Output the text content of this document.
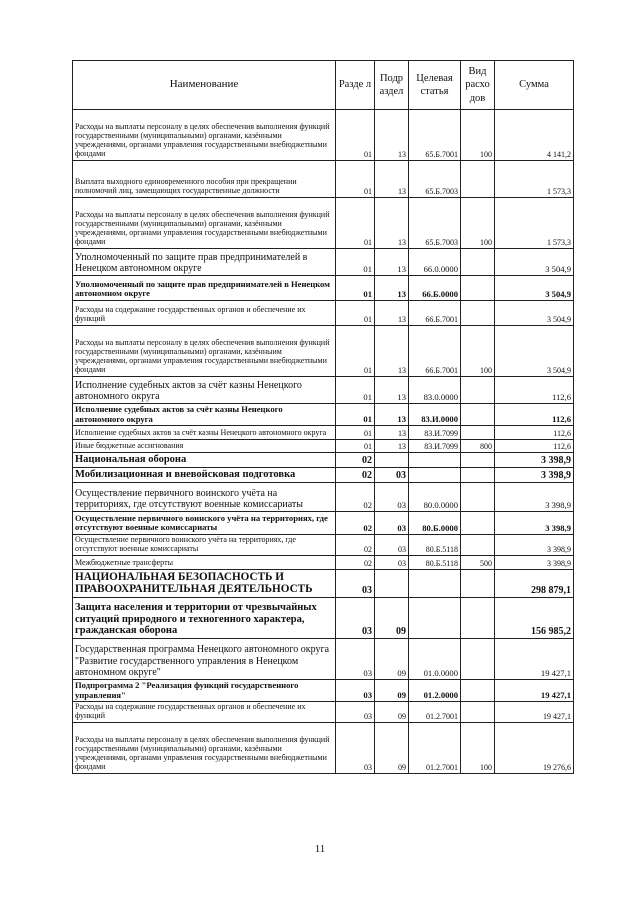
Наименование	Разде л	Подр аздел	Целевая статья	Вид расхо дов	Сумма
Расходы на выплаты персоналу в целях обеспечения выполнения функций государственными (муниципальными) органами, казёнными учреждениями, органами управления государственными внебюджетными фондами	01	13	65.Б.7001	100	4 141,2
Выплата выходного единовременного пособия при прекращении полномочий лиц, замещающих государственные должности	01	13	65.Б.7003		1 573,3
Расходы на выплаты персоналу в целях обеспечения выполнения функций государственными (муниципальными) органами, казёнными учреждениями, органами управления государственными внебюджетными фондами	01	13	65.Б.7003	100	1 573,3
Уполномоченный по защите прав предпринимателей в Ненецком автономном округе	01	13	66.0.0000		3 504,9
Уполномоченный по защите прав предпринимателей в Ненецком автономном округе	01	13	66.Б.0000		3 504,9
Расходы на содержание государственных органов и обеспечение их функций	01	13	66.Б.7001		3 504,9
Расходы на выплаты персоналу в целях обеспечения выполнения функций государственными (муниципальными) органами, казённыим учреждениями, органами управления государственными внебюджетными фондами	01	13	66.Б.7001	100	3 504,9
Исполнение судебных актов за счёт казны Ненецкого автономного округа	01	13	83.0.0000		112,6
Исполнение судебных актов за счёт казны Ненецкого автономного округа	01	13	83.И.0000		112,6
Исполнение судебных актов за счёт казны Ненецкого автономного округа	01	13	83.И.7099		112,6
Иные бюджетные ассигнования	01	13	83.И.7099	800	112,6
Национальная оборона	02				3 398,9
Мобилизационная и вневойсковая подготовка	02	03			3 398,9
Осуществление первичного воинского учёта на территориях, где отсутствуют военные комиссариаты	02	03	80.0.0000		3 398,9
Осуществление первичного воинского учёта на территориях, где отсутствуют военные комиссариаты	02	03	80.Б.0000		3 398,9
Осуществление первичного воинского учёта на территориях, где отсутствуют военные комиссариаты	02	03	80.Б.5118		3 398,9
Межбюджетные трансферты	02	03	80.Б.5118	500	3 398,9
НАЦИОНАЛЬНАЯ БЕЗОПАСНОСТЬ И ПРАВООХРАНИТЕЛЬНАЯ ДЕЯТЕЛЬНОСТЬ	03				298 879,1
Защита населения и территории от чрезвычайных ситуаций природного и техногенного характера, гражданская оборона	03	09			156 985,2
Государственная программа Ненецкого автономного округа "Развитие государственного управления в Ненецком автономном округе"	03	09	01.0.0000		19 427,1
Подпрограмма 2 "Реализация функций государственного управления"	03	09	01.2.0000		19 427,1
Расходы на содержание государственных органов и обеспечение их функций	03	09	01.2.7001		19 427,1
Расходы на выплаты персоналу в целях обеспечения выполнения функций государственными (муниципальными) органами, казёнными учреждениями, органами управления государственными внебюджетными фондами	03	09	01.2.7001	100	19 276,6
11
